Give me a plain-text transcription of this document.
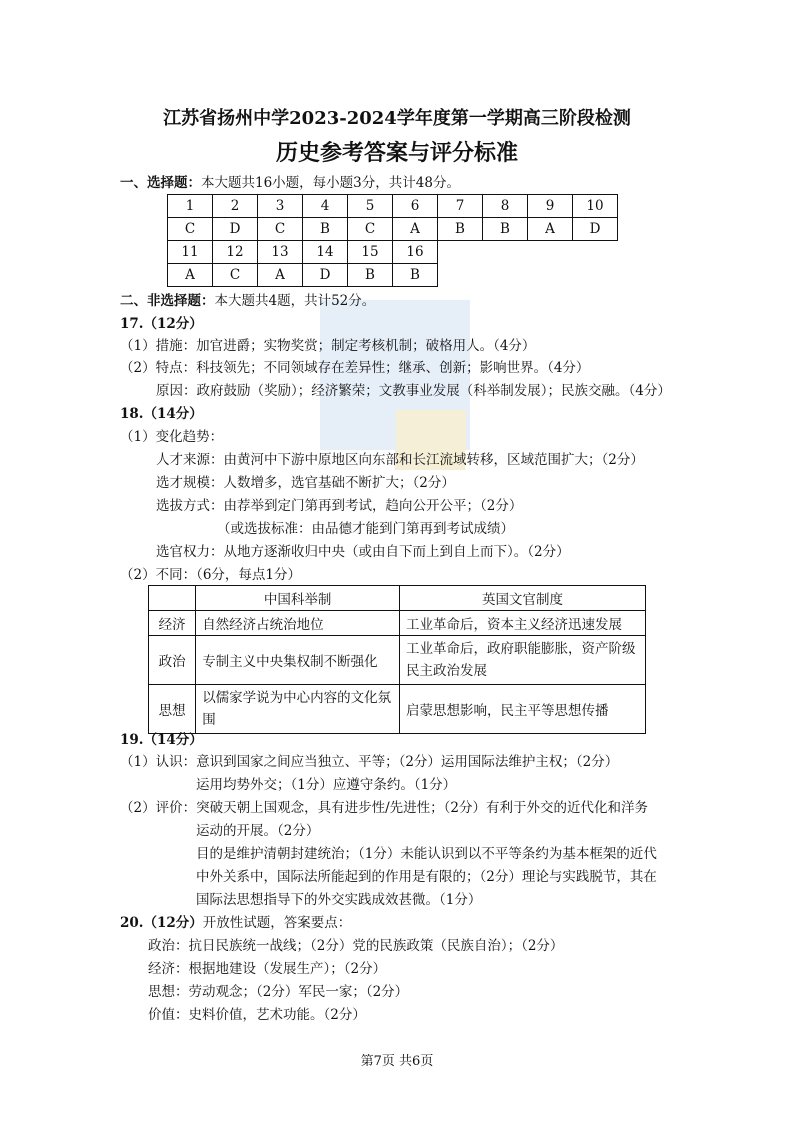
江苏省扬州中学2023-2024学年度第一学期高三阶段检测
历史参考答案与评分标准
一、选择题：本大题共16小题，每小题3分，共计48分。
1	2	3	4	5	6	7	8	9	10
C	D	C	B	C	A	B	B	A	D
11	12	13	14	15	16				
A	C	A	D	B	B				
二、非选择题：本大题共4题，共计52分。
17.（12分）
（1）措施：加官进爵；实物奖赏；制定考核机制；破格用人。（4分）
（2）特点：科技领先；不同领域存在差异性；继承、创新；影响世界。（4分）
原因：政府鼓励（奖励）；经济繁荣；文教事业发展（科举制发展）；民族交融。（4分）
18.（14分）
（1）变化趋势：
人才来源：由黄河中下游中原地区向东部和长江流域转移，区域范围扩大；（2分）
选才规模：人数增多，选官基础不断扩大；（2分）
选拔方式：由荐举到定门第再到考试，趋向公开公平；（2分）
（或选拔标准：由品德才能到门第再到考试成绩）
选官权力：从地方逐渐收归中央（或由自下而上到自上而下）。（2分）
（2）不同：（6分，每点1分）
	中国科举制	英国文官制度
经济	自然经济占统治地位	工业革命后，资本主义经济迅速发展
政治	专制主义中央集权制不断强化	工业革命后，政府职能膨胀，资产阶级民主政治发展
思想	以儒家学说为中心内容的文化氛围	启蒙思想影响，民主平等思想传播
19.（14分）
（1）认识：意识到国家之间应当独立、平等；（2分）运用国际法维护主权；（2分）
运用均势外交；（1分）应遵守条约。（1分）
（2）评价：突破天朝上国观念，具有进步性/先进性；（2分）有利于外交的近代化和洋务
运动的开展。（2分）
目的是维护清朝封建统治；（1分）未能认识到以不平等条约为基本框架的近代
中外关系中，国际法所能起到的作用是有限的；（2分）理论与实践脱节，其在
国际法思想指导下的外交实践成效甚微。（1分）
20.（12分）开放性试题，答案要点：
政治：抗日民族统一战线；（2分）党的民族政策（民族自治）；（2分）
经济：根据地建设（发展生产）；（2分）
思想：劳动观念；（2分）军民一家；（2分）
价值：史料价值，艺术功能。（2分）
第7页 共6页
